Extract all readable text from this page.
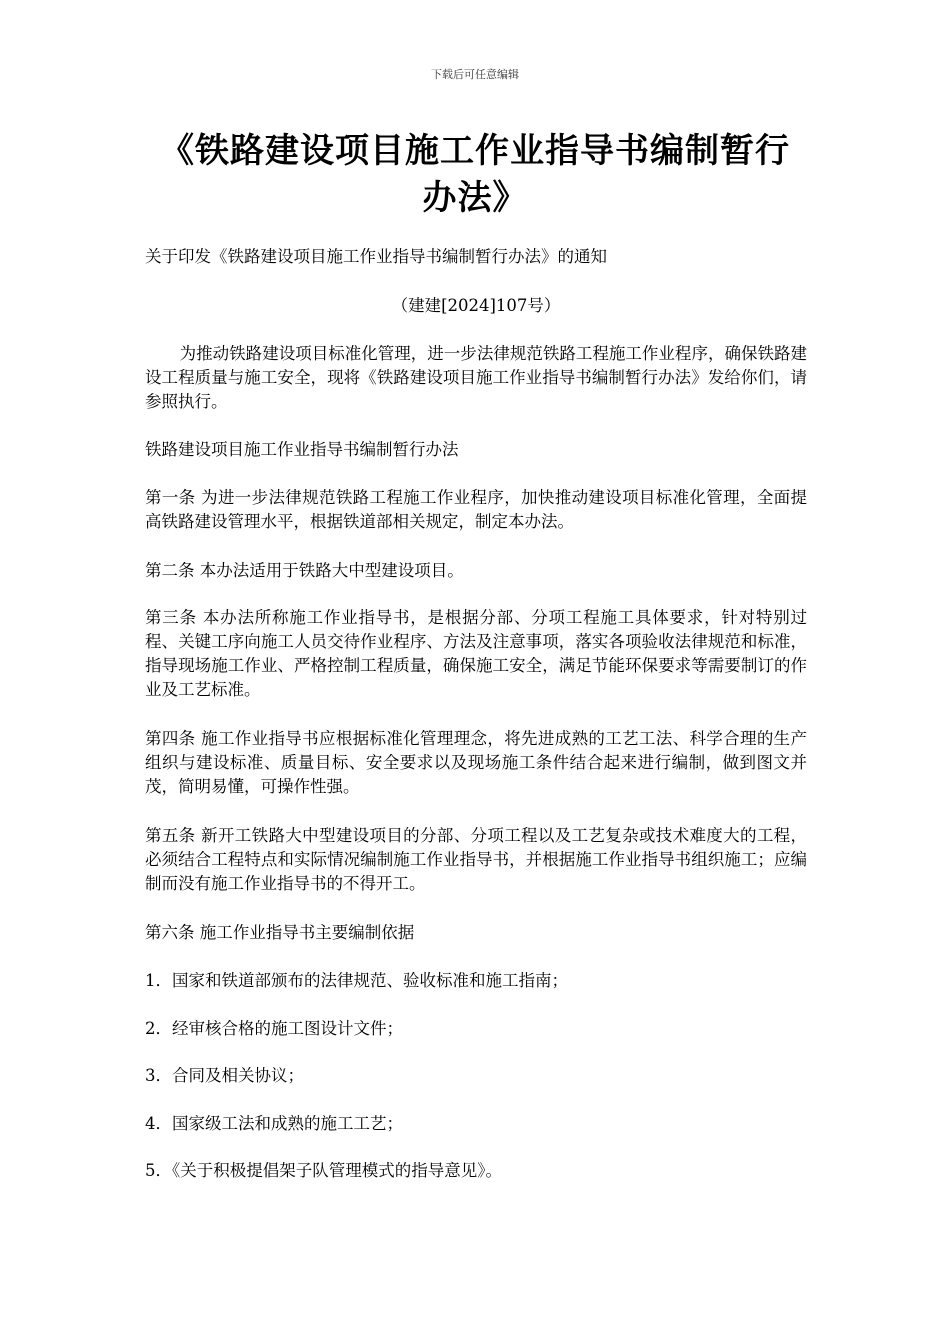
下载后可任意编辑
《铁路建设项目施工作业指导书编制暂行办法》

关于印发《铁路建设项目施工作业指导书编制暂行办法》的通知

（建建[2024]107号）

为推动铁路建设项目标准化管理，进一步法律规范铁路工程施工作业程序，确保铁路建设工程质量与施工安全，现将《铁路建设项目施工作业指导书编制暂行办法》发给你们，请参照执行。

铁路建设项目施工作业指导书编制暂行办法

第一条 为进一步法律规范铁路工程施工作业程序，加快推动建设项目标准化管理，全面提高铁路建设管理水平，根据铁道部相关规定，制定本办法。

第二条 本办法适用于铁路大中型建设项目。

第三条 本办法所称施工作业指导书，是根据分部、分项工程施工具体要求，针对特别过程、关键工序向施工人员交待作业程序、方法及注意事项，落实各项验收法律规范和标准，指导现场施工作业、严格控制工程质量，确保施工安全，满足节能环保要求等需要制订的作业及工艺标准。

第四条 施工作业指导书应根据标准化管理理念，将先进成熟的工艺工法、科学合理的生产组织与建设标准、质量目标、安全要求以及现场施工条件结合起来进行编制，做到图文并茂，简明易懂，可操作性强。

第五条 新开工铁路大中型建设项目的分部、分项工程以及工艺复杂或技术难度大的工程，必须结合工程特点和实际情况编制施工作业指导书，并根据施工作业指导书组织施工；应编制而没有施工作业指导书的不得开工。

第六条 施工作业指导书主要编制依据

1．国家和铁道部颁布的法律规范、验收标准和施工指南；

2．经审核合格的施工图设计文件；

3．合同及相关协议；

4．国家级工法和成熟的施工工艺；

5．《关于积极提倡架子队管理模式的指导意见》。
